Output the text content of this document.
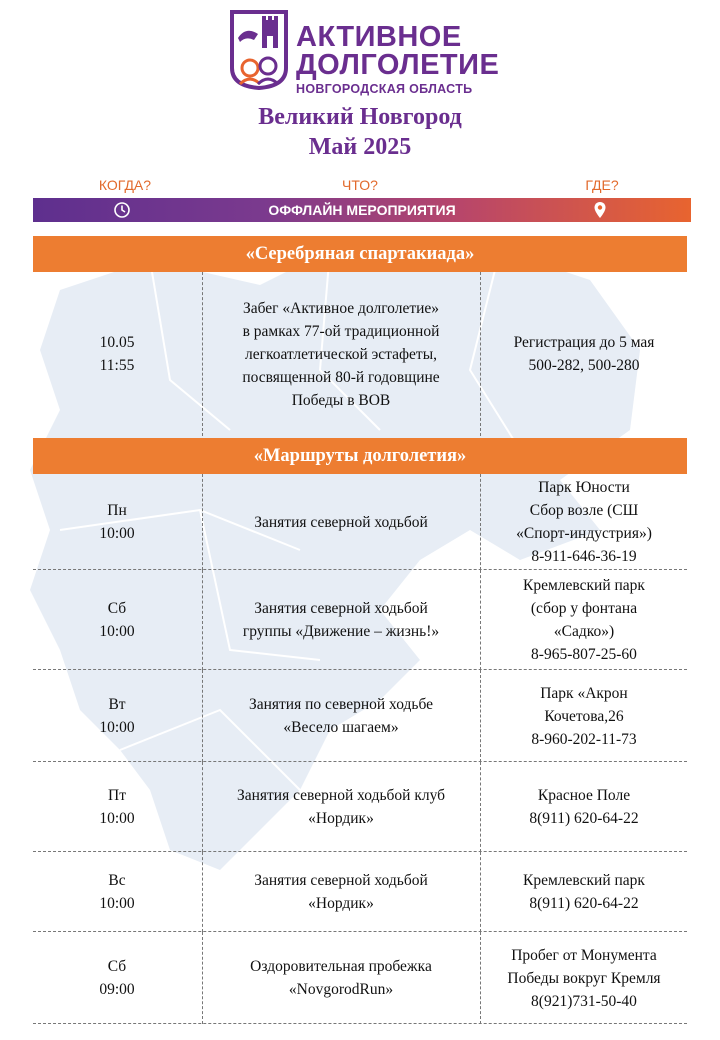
АКТИВНОЕ
ДОЛГОЛЕТИЕ
НОВГОРОДСКАЯ ОБЛАСТЬ
Великий Новгород
Май 2025
КОГДА?	ЧТО?	ГДЕ?
ОФФЛАЙН МЕРОПРИЯТИЯ
«Серебряная спартакиада»
10.05
11:55
Забег «Активное долголетие»
в рамках 77-ой традиционной
легкоатлетической эстафеты,
посвященной 80-й годовщине
Победы в ВОВ
Регистрация до 5 мая
500-282, 500-280
«Маршруты долголетия»
Пн
10:00
Занятия северной ходьбой
Парк Юности
Сбор возле (СШ
«Спорт-индустрия»)
8-911-646-36-19
Сб
10:00
Занятия северной ходьбой
группы «Движение – жизнь!»
Кремлевский парк
(сбор у фонтана
«Садко»)
8-965-807-25-60
Вт
10:00
Занятия по северной ходьбе
«Весело шагаем»
Парк «Акрон
Кочетова,26
8-960-202-11-73
Пт
10:00
Занятия северной ходьбой клуб
«Нордик»
Красное Поле
8(911) 620-64-22
Вс
10:00
Занятия северной ходьбой
«Нордик»
Кремлевский парк
8(911) 620-64-22
Сб
09:00
Оздоровительная пробежка
«NovgorodRun»
Пробег от Монумента
Победы вокруг Кремля
8(921)731-50-40
